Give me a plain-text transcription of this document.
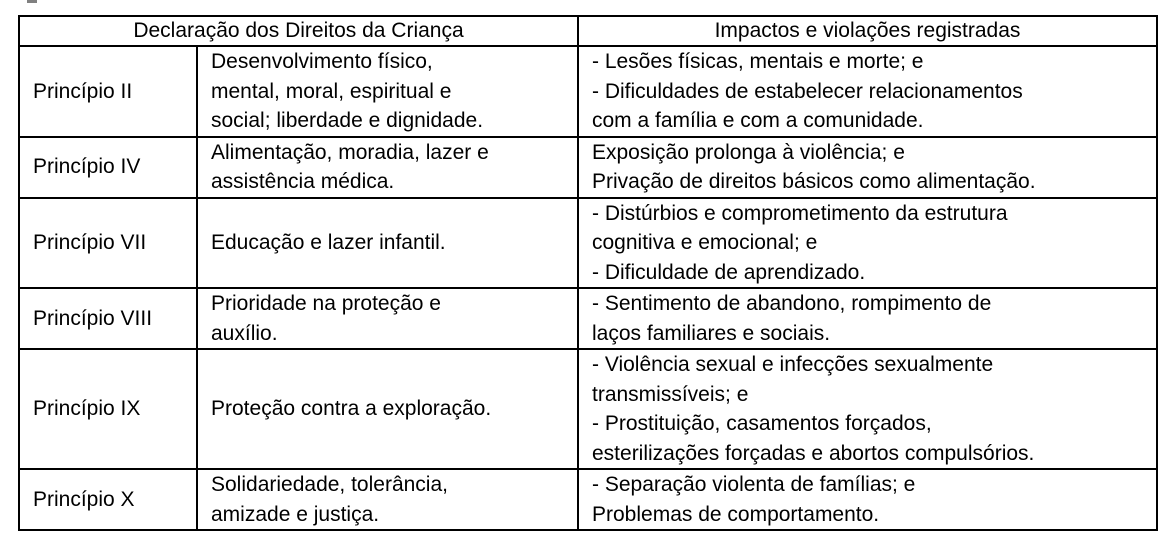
Declaração dos Direitos da Criança		Impactos e violações registradas
Princípio II	Desenvolvimento físico,
mental, moral, espiritual e
social; liberdade e dignidade.	- Lesões físicas, mentais e morte; e
- Dificuldades de estabelecer relacionamentos
com a família e com a comunidade.

Princípio IV	Alimentação, moradia, lazer e
assistência médica.	Exposição prolonga à violência; e
Privação de direitos básicos como alimentação.

Princípio VII	Educação e lazer infantil.	- Distúrbios e comprometimento da estrutura
cognitiva e emocional; e
- Dificuldade de aprendizado.

Princípio VIII	Prioridade na proteção e
auxílio.	- Sentimento de abandono, rompimento de
laços familiares e sociais.

Princípio IX	Proteção contra a exploração.	- Violência sexual e infecções sexualmente
transmissíveis; e
- Prostituição, casamentos forçados,
esterilizações forçadas e abortos compulsórios.

Princípio X	Solidariedade, tolerância,
amizade e justiça.	- Separação violenta de famílias; e
Problemas de comportamento.
